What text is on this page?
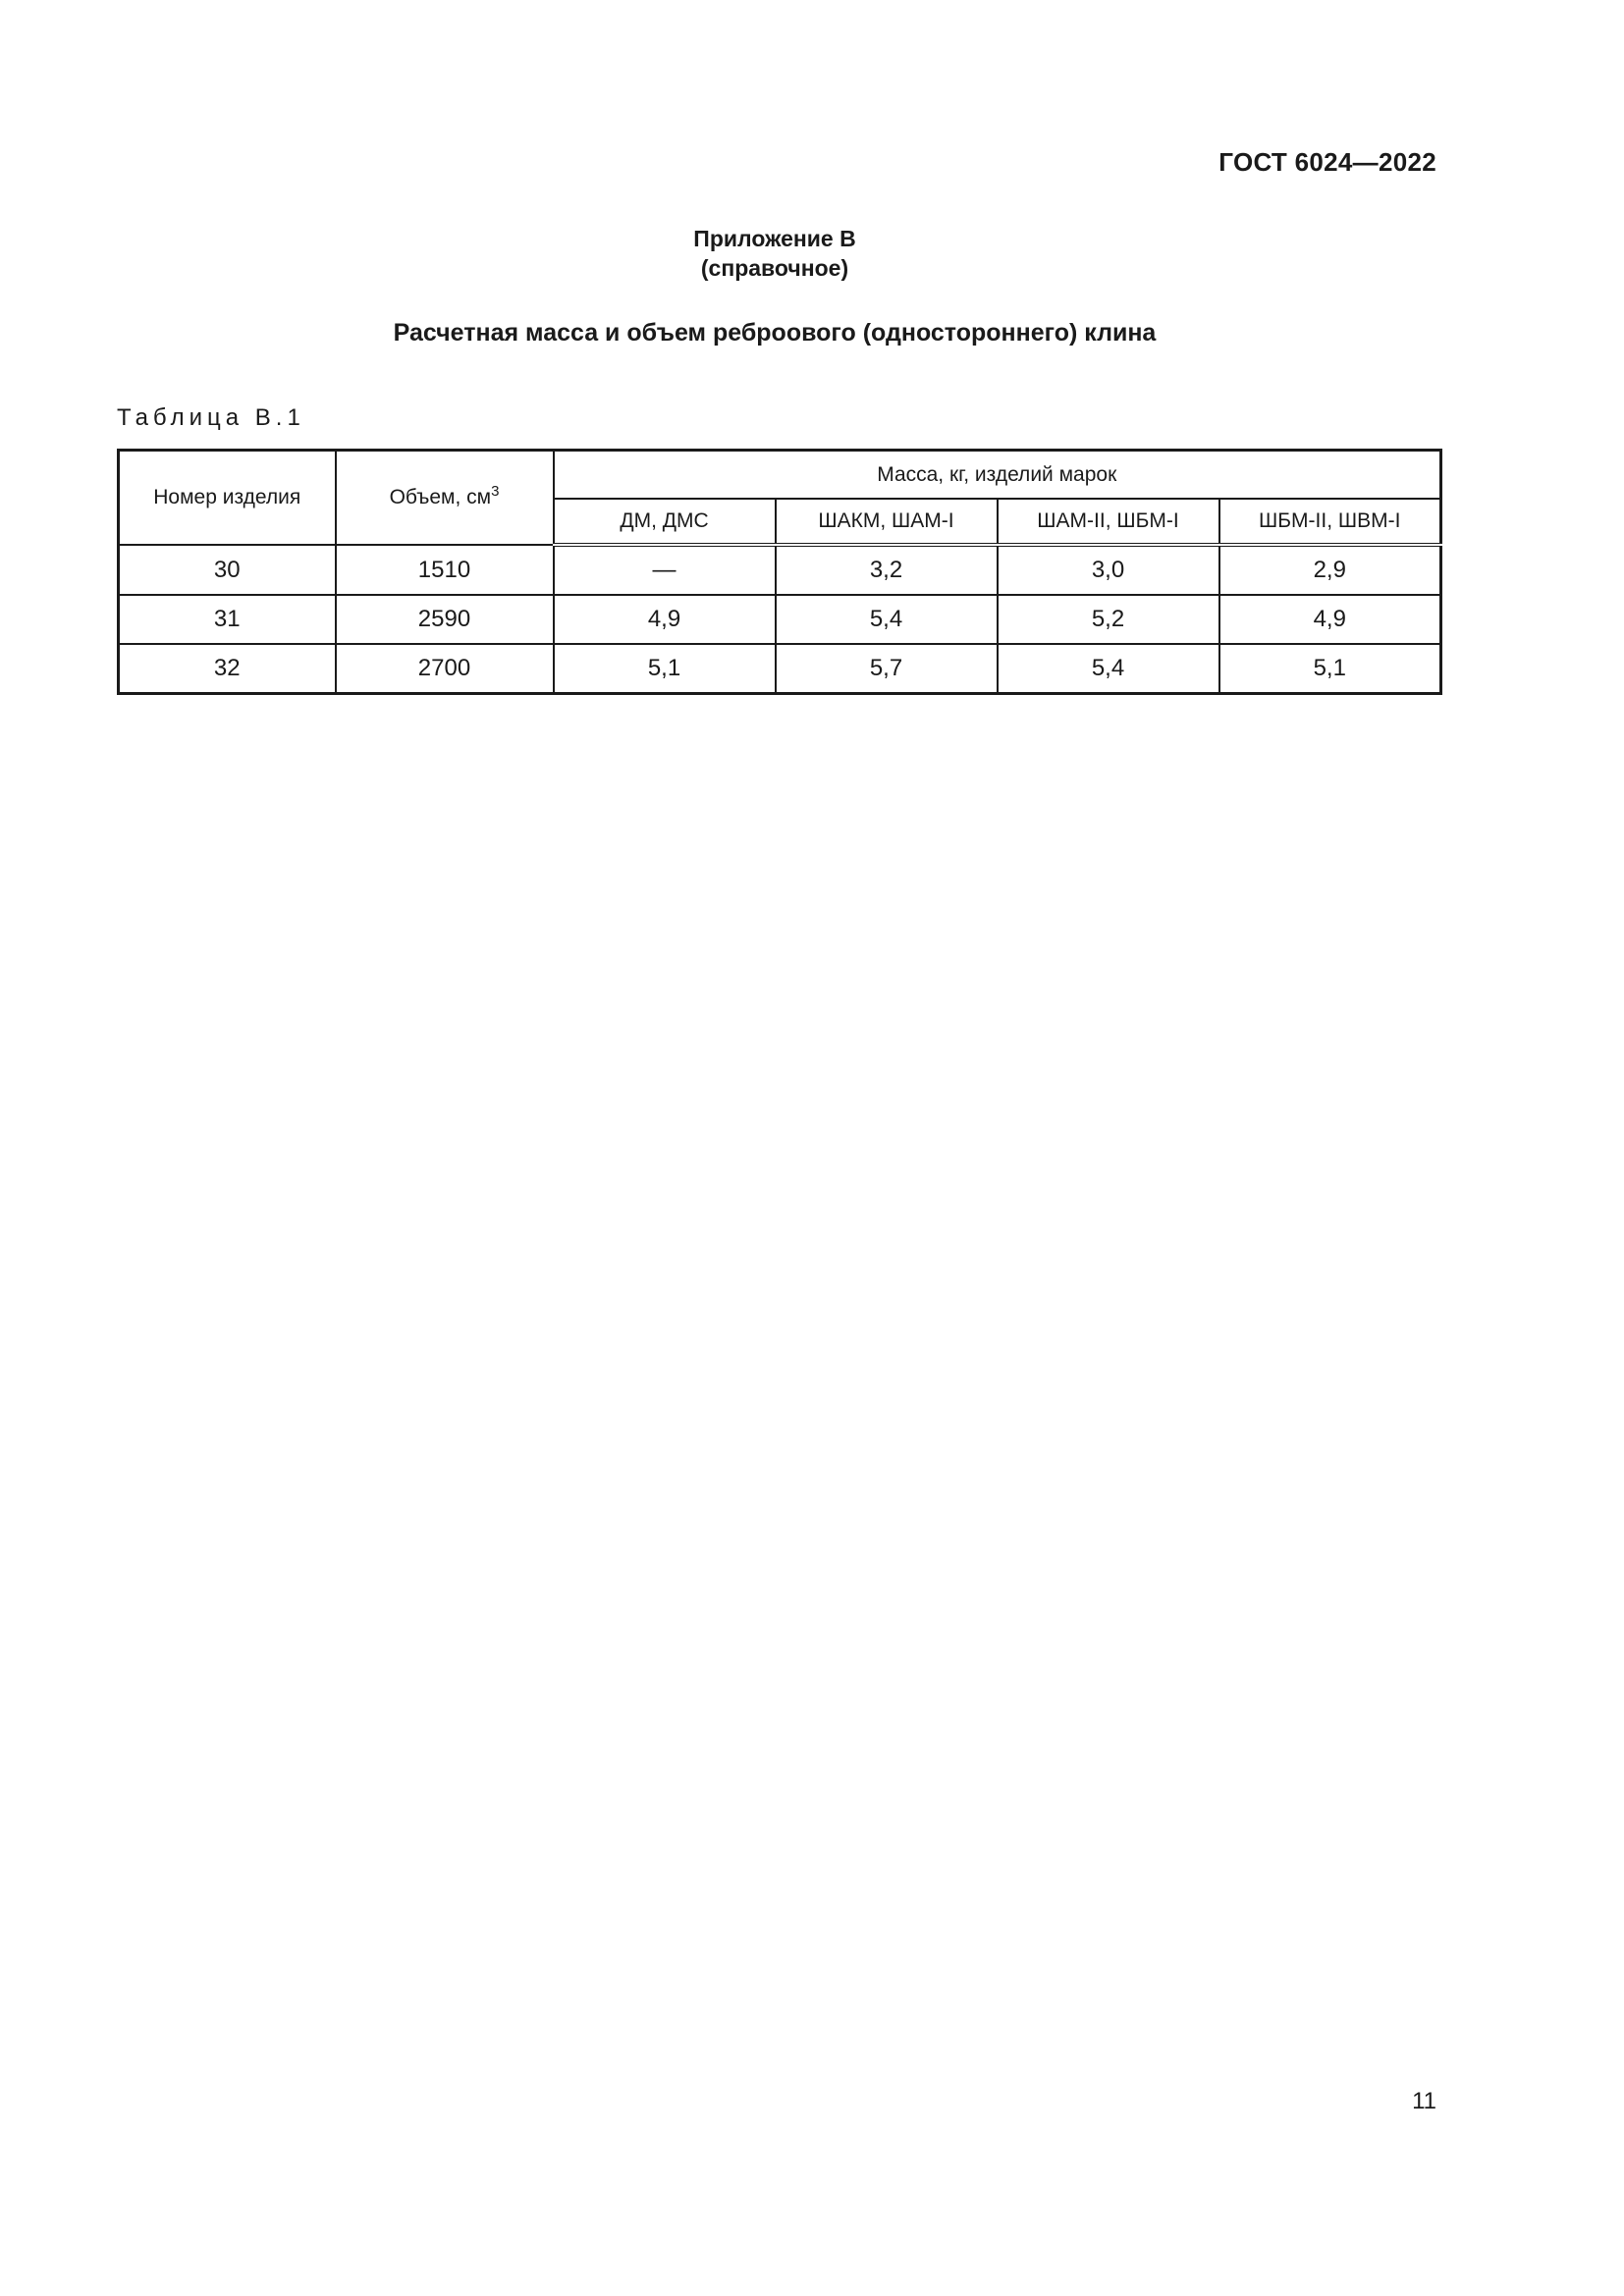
ГОСТ 6024—2022
Приложение В
(справочное)
Расчетная масса и объем реброового (одностороннего) клина
Таблица В.1
Номер изделия	Объем, $см^3$	Масса, кг, изделий марок			
		ДМ, ДМС	ШАКМ, ШАМ-I	ШАМ-II, ШБМ-I	ШБМ-II, ШВМ-I
30	1510	—	3,2	3,0	2,9
31	2590	4,9	5,4	5,2	4,9
32	2700	5,1	5,7	5,4	5,1
11
